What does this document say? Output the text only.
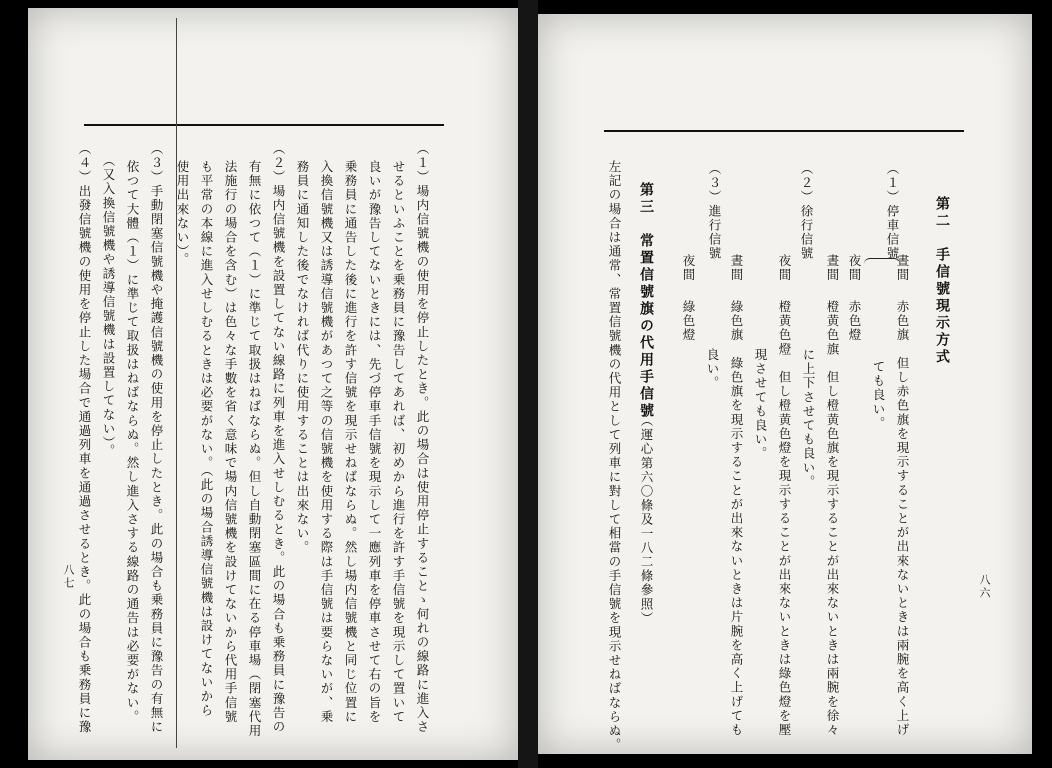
（１）場内信號機の使用を停止したとき。此の場合は使用停止することゝ何れの線路に進入さ
せるといふことを乗務員に豫告してあれば、初めから進行を許す手信號を現示して置いて
良いが豫告してないときには、先づ停車手信號を現示して一應列車を停車させて右の旨を
乗務員に通告した後に進行を許す信號を現示せねばならぬ。然し場内信號機と同じ位置に
入換信號機又は誘導信號機があつて之等の信號機を使用する際は手信號は要らないが、乗
務員に通知した後でなければ代りに使用することは出來ない。
（２）場内信號機を設置してない線路に列車を進入せしむるとき。此の場合も乗務員に豫告の
有無に依つて（１）に準じて取扱はねばならぬ。但し自動閉塞區間に在る停車場（閉塞代用
法施行の場合を含む）は色々な手數を省く意味で場内信號機を設けてないから代用手信號
も平常の本線に進入せしむるときは必要がない。（此の場合誘導信號機は設けてないから
使用出來ない）。
（３）手動閉塞信號機や掩護信號機の使用を停止したとき。此の場合も乗務員に豫告の有無に
依つて大體（１）に準じて取扱はねばならぬ。然し進入さする線路の通告は必要がない。
（又入換信號機や誘導信號機は設置してない）。
（４）出發信號機の使用を停止した場合で通過列車を通過させるとき。此の場合も乗務員に豫
八七
第二　手信號現示方式
（１）停車信號
晝間
赤色旗　但し赤色旗を現示することが出來ないときは兩腕を高く上げ
ても良い。
夜間
赤色燈
（２）徐行信號
晝間
橙黄色旗　但し橙黄色旗を現示することが出來ないときは兩腕を徐々
に上下させても良い。
夜間
橙黄色燈　但し橙黄色燈を現示することが出來ないときは綠色燈を壓
現させても良い。
（３）進行信號
晝間
綠色旗　綠色旗を現示することが出來ないときは片腕を高く上げても
良い。
夜間
綠色燈
第三　常置信號旗の代用手信號
（運心第六〇條及一八二條參照）
左記の場合は通常、常置信號機の代用として列車に對して相當の手信號を現示せねばならぬ。	八六
